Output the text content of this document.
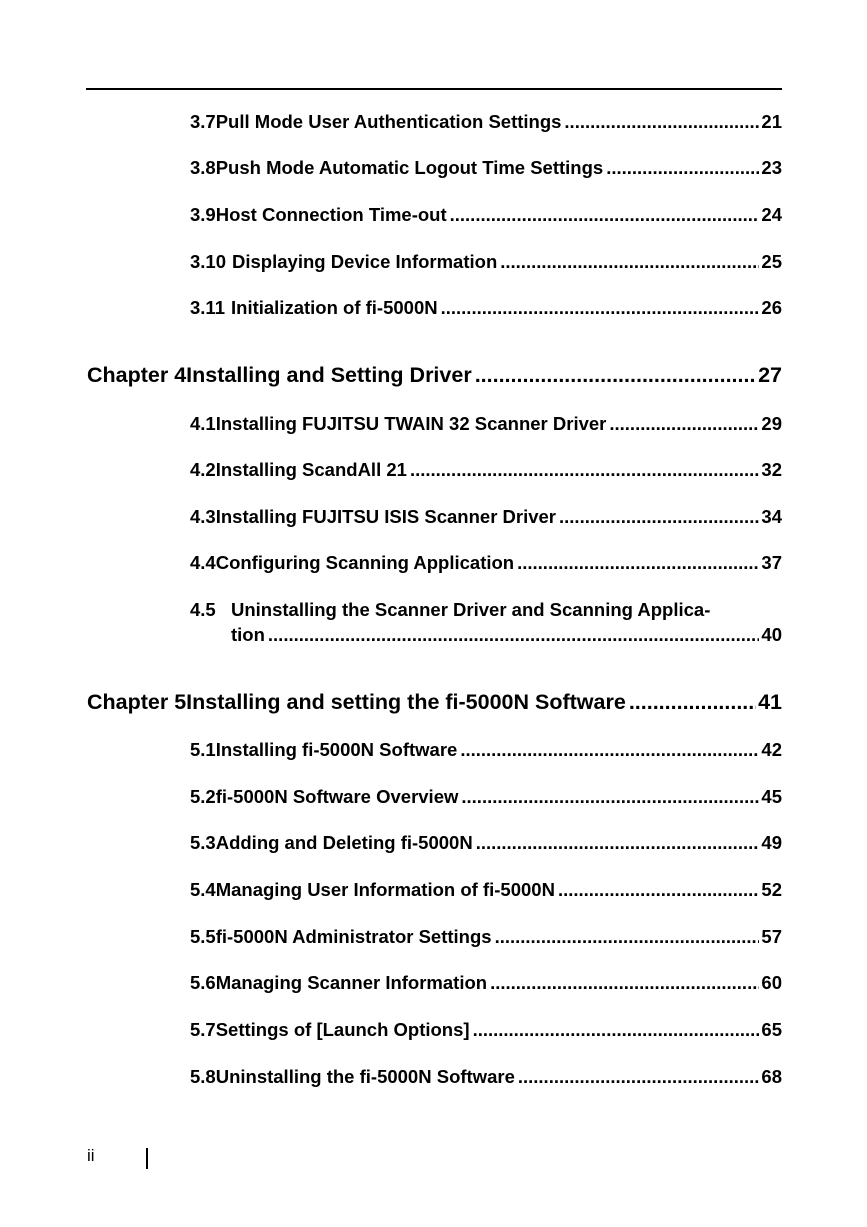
3.7 Pull Mode User Authentication Settings .....	21
3.8 Push Mode Automatic Logout Time Settings .....	23
3.9 Host Connection Time-out .....	24
3.10 Displaying Device Information .....	25
3.11 Initialization of fi-5000N .....	26
Chapter 4 Installing and Setting Driver .....	27
4.1 Installing FUJITSU TWAIN 32 Scanner Driver .....	29
4.2 Installing ScandAll 21 .....	32
4.3 Installing FUJITSU ISIS Scanner Driver .....	34
4.4 Configuring Scanning Application .....	37
4.5 Uninstalling the Scanner Driver and Scanning Applica-
tion .....	40
Chapter 5 Installing and setting the fi-5000N Software .....	41
5.1 Installing fi-5000N Software .....	42
5.2 fi-5000N Software Overview .....	45
5.3 Adding and Deleting fi-5000N .....	49
5.4 Managing User Information of fi-5000N .....	52
5.5 fi-5000N Administrator Settings .....	57
5.6 Managing Scanner Information .....	60
5.7 Settings of [Launch Options] .....	65
5.8 Uninstalling the fi-5000N Software .....	68
ii
